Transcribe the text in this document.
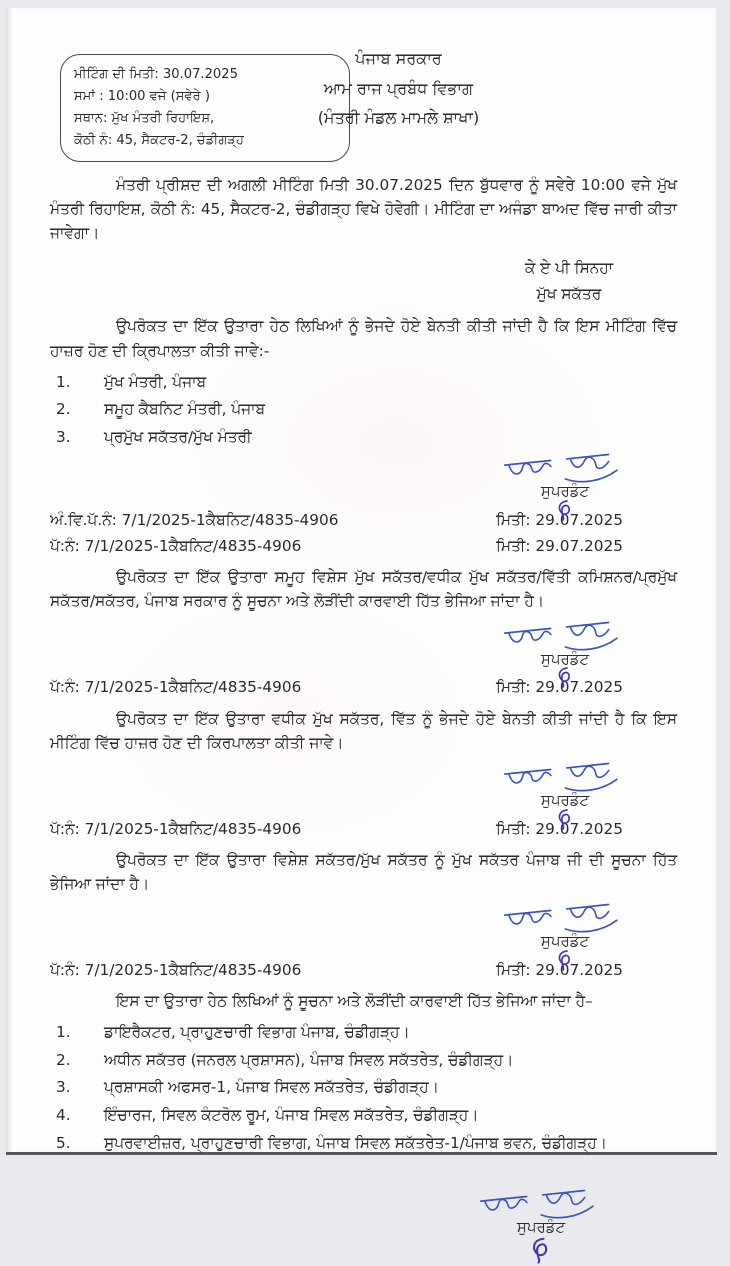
ਮੀਟਿੰਗ ਦੀ ਮਿਤੀ: 30.07.2025
ਸਮਾਂ : 10:00 ਵਜੇ (ਸਵੇਰੇ )
ਸਥਾਨ: ਮੁੱਖ ਮੰਤਰੀ ਰਿਹਾਇਸ਼,
ਕੋਠੀ ਨੰ: 45, ਸੈਕਟਰ-2, ਚੰਡੀਗੜ੍ਹ
ਪੰਜਾਬ ਸਰਕਾਰ
ਆਮ ਰਾਜ ਪ੍ਰਬੰਧ ਵਿਭਾਗ
(ਮੰਤਰੀ ਮੰਡਲ ਮਾਮਲੇ ਸ਼ਾਖਾ)

ਮੰਤਰੀ ਪ੍ਰੀਸ਼ਦ ਦੀ ਅਗਲੀ ਮੀਟਿੰਗ ਮਿਤੀ 30.07.2025 ਦਿਨ ਬੁੱਧਵਾਰ ਨੂੰ ਸਵੇਰੇ 10:00 ਵਜੇ ਮੁੱਖ ਮੰਤਰੀ ਰਿਹਾਇਸ਼, ਕੋਠੀ ਨੰ: 45, ਸੈਕਟਰ-2, ਚੰਡੀਗੜ੍ਹ ਵਿਖੇ ਹੋਵੇਗੀ। ਮੀਟਿੰਗ ਦਾ ਅਜੰਡਾ ਬਾਅਦ ਵਿੱਚ ਜਾਰੀ ਕੀਤਾ ਜਾਵੇਗਾ।

ਕੇ ਏ ਪੀ ਸਿਨਹਾ
ਮੁੱਖ ਸਕੱਤਰ

ਉਪਰੋਕਤ ਦਾ ਇੱਕ ਉਤਾਰਾ ਹੇਠ ਲਿਖਿਆਂ ਨੂੰ ਭੇਜਦੇ ਹੋਏ ਬੇਨਤੀ ਕੀਤੀ ਜਾਂਦੀ ਹੈ ਕਿ ਇਸ ਮੀਟਿੰਗ ਵਿੱਚ ਹਾਜ਼ਰ ਹੋਣ ਦੀ ਕ੍ਰਿਪਾਲਤਾ ਕੀਤੀ ਜਾਵੇ:-

1.	ਮੁੱਖ ਮੰਤਰੀ, ਪੰਜਾਬ
2.	ਸਮੂਹ ਕੈਬਨਿਟ ਮੰਤਰੀ, ਪੰਜਾਬ
3.	ਪ੍ਰਮੁੱਖ ਸਕੱਤਰ/ਮੁੱਖ ਮੰਤਰੀ
ਸੁਪਰਡੰਟ
ਅੰ.ਵਿ.ਪੱ.ਨੰ: 7/1/2025-1ਕੈਬਨਿਟ/4835-4906	ਮਿਤੀ: 29.07.2025
ਪੱ:ਨੰ: 7/1/2025-1ਕੈਬਨਿਟ/4835-4906	ਮਿਤੀ: 29.07.2025

ਉਪਰੋਕਤ ਦਾ ਇੱਕ ਉਤਾਰਾ ਸਮੂਹ ਵਿਸ਼ੇਸ ਮੁੱਖ ਸਕੱਤਰ/ਵਧੀਕ ਮੁੱਖ ਸਕੱਤਰ/ਵਿੱਤੀ ਕਮਿਸ਼ਨਰ/ਪ੍ਰਮੁੱਖ ਸਕੱਤਰ/ਸਕੱਤਰ, ਪੰਜਾਬ ਸਰਕਾਰ ਨੂੰ ਸੂਚਨਾ ਅਤੇ ਲੋੜੀਂਦੀ ਕਾਰਵਾਈ ਹਿੱਤ ਭੇਜਿਆ ਜਾਂਦਾ ਹੈ।

ਸੁਪਰਡੰਟ
ਪੱ:ਨੰ: 7/1/2025-1ਕੈਬਨਿਟ/4835-4906	ਮਿਤੀ: 29.07.2025

ਉਪਰੋਕਤ ਦਾ ਇੱਕ ਉਤਾਰਾ ਵਧੀਕ ਮੁੱਖ ਸਕੱਤਰ, ਵਿੱਤ ਨੂੰ ਭੇਜਦੇ ਹੋਏ ਬੇਨਤੀ ਕੀਤੀ ਜਾਂਦੀ ਹੈ ਕਿ ਇਸ ਮੀਟਿੰਗ ਵਿੱਚ ਹਾਜ਼ਰ ਹੋਣ ਦੀ ਕਿਰਪਾਲਤਾ ਕੀਤੀ ਜਾਵੇ।

ਸੁਪਰਡੰਟ
ਪੱ:ਨੰ: 7/1/2025-1ਕੈਬਨਿਟ/4835-4906	ਮਿਤੀ: 29.07.2025

ਉਪਰੋਕਤ ਦਾ ਇੱਕ ਉਤਾਰਾ ਵਿਸ਼ੇਸ਼ ਸਕੱਤਰ/ਮੁੱਖ ਸਕੱਤਰ ਨੂੰ ਮੁੱਖ ਸਕੱਤਰ ਪੰਜਾਬ ਜੀ ਦੀ ਸੂਚਨਾ ਹਿੱਤ ਭੇਜਿਆ ਜਾਂਦਾ ਹੈ।

ਸੁਪਰਡੰਟ
ਪੱ:ਨੰ: 7/1/2025-1ਕੈਬਨਿਟ/4835-4906	ਮਿਤੀ: 29.07.2025

ਇਸ ਦਾ ਉਤਾਰਾ ਹੇਠ ਲਿਖਿਆਂ ਨੂੰ ਸੂਚਨਾ ਅਤੇ ਲੋੜੀਂਦੀ ਕਾਰਵਾਈ ਹਿੱਤ ਭੇਜਿਆ ਜਾਂਦਾ ਹੈ–

1.	ਡਾਇਰੈਕਟਰ, ਪ੍ਰਾਹੁਣਚਾਰੀ ਵਿਭਾਗ ਪੰਜਾਬ, ਚੰਡੀਗੜ੍ਹ।
2.	ਅਧੀਨ ਸਕੱਤਰ (ਜਨਰਲ ਪ੍ਰਸ਼ਾਸਨ), ਪੰਜਾਬ ਸਿਵਲ ਸਕੱਤਰੇਤ, ਚੰਡੀਗੜ੍ਹ।
3.	ਪ੍ਰਸ਼ਾਸਕੀ ਅਫਸਰ-1, ਪੰਜਾਬ ਸਿਵਲ ਸਕੱਤਰੇਤ, ਚੰਡੀਗੜ੍ਹ।
4.	ਇੰਚਾਰਜ, ਸਿਵਲ ਕੰਟਰੋਲ ਰੂਮ, ਪੰਜਾਬ ਸਿਵਲ ਸਕੱਤਰੇਤ, ਚੰਡੀਗੜ੍ਹ।
5.	ਸੁਪਰਵਾਈਜ਼ਰ, ਪ੍ਰਾਹੁਣਚਾਰੀ ਵਿਭਾਗ, ਪੰਜਾਬ ਸਿਵਲ ਸਕੱਤਰੇਤ-1/ਪੰਜਾਬ ਭਵਨ, ਚੰਡੀਗੜ੍ਹ।
ਸੁਪਰਡੰਟ
